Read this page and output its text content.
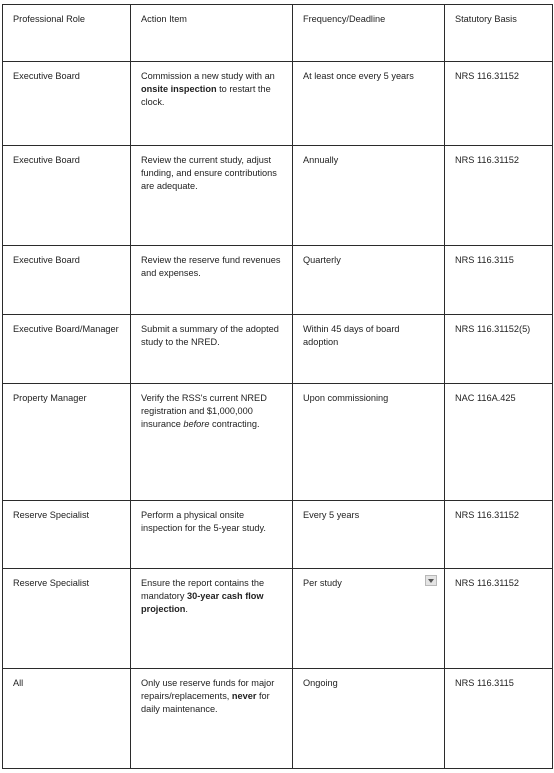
Professional Role	Action Item	Frequency/Deadline	Statutory Basis
Executive Board	Commission a new study with an onsite inspection to restart the clock.	At least once every 5 years	NRS 116.31152
Executive Board	Review the current study, adjust funding, and ensure contributions are adequate.	Annually	NRS 116.31152
Executive Board	Review the reserve fund revenues and expenses.	Quarterly	NRS 116.3115
Executive Board/Manager	Submit a summary of the adopted study to the NRED.	Within 45 days of board adoption	NRS 116.31152(5)
Property Manager	Verify the RSS's current NRED registration and $1,000,000 insurance before contracting.	Upon commissioning	NAC 116A.425
Reserve Specialist	Perform a physical onsite inspection for the 5-year study.	Every 5 years	NRS 116.31152
Reserve Specialist	Ensure the report contains the mandatory 30-year cash flow projection.	Per study	NRS 116.31152
All	Only use reserve funds for major repairs/replacements, never for daily maintenance.	Ongoing	NRS 116.3115
